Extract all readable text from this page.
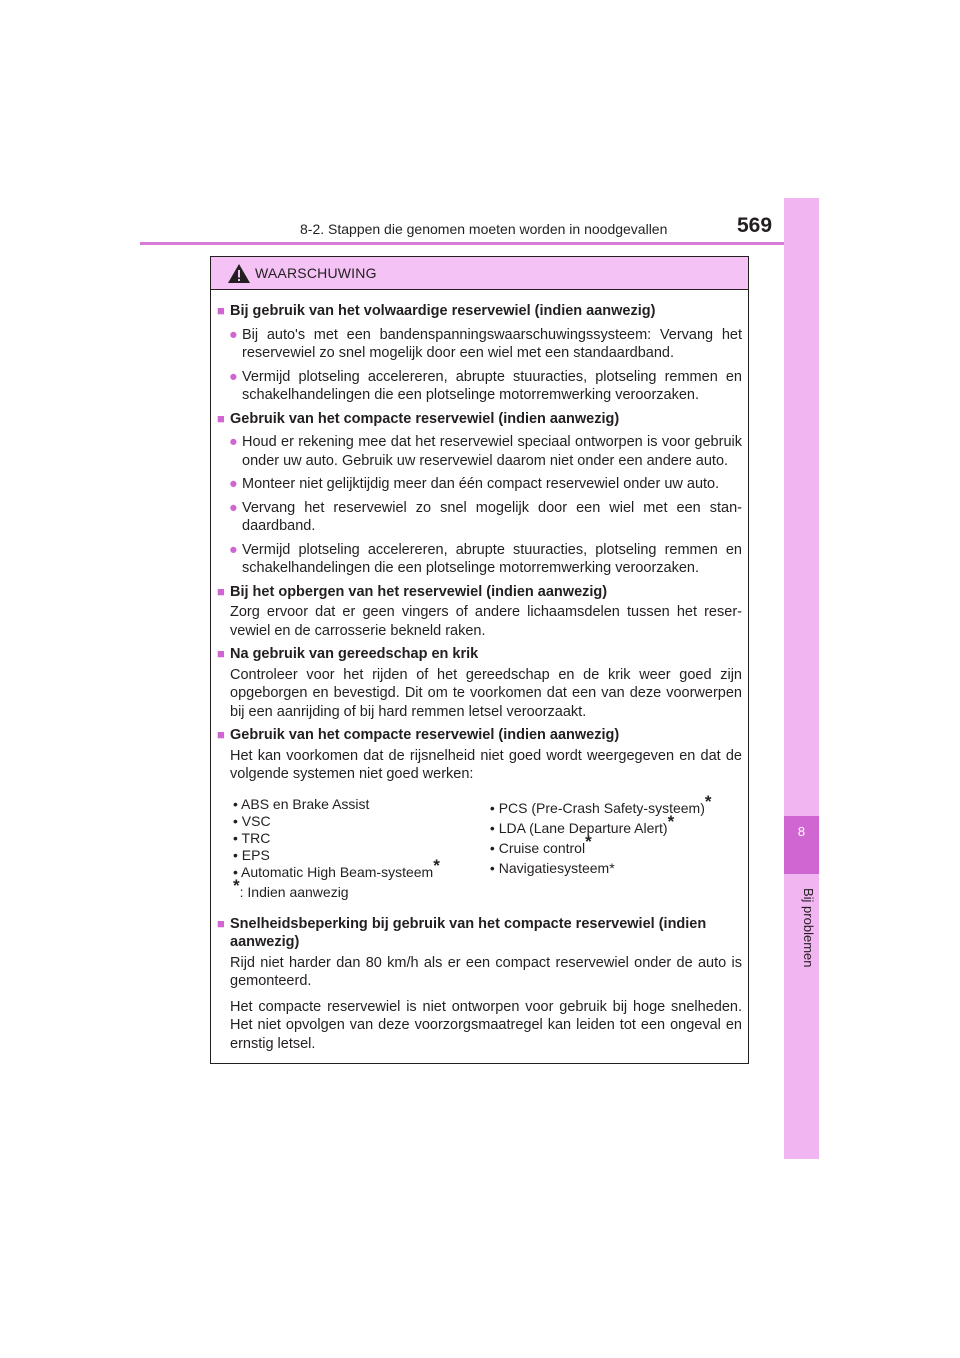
8-2. Stappen die genomen moeten worden in noodgevallen	569
8
Bij problemen
WAARSCHUWING
■ Bij gebruik van het volwaardige reservewiel (indien aanwezig)
● Bij auto's met een bandenspanningswaarschuwingssysteem: Vervang het reservewiel zo snel mogelijk door een wiel met een standaardband.
● Vermijd plotseling accelereren, abrupte stuuracties, plotseling remmen en schakelhandelingen die een plotselinge motorremwerking veroorzaken.
■ Gebruik van het compacte reservewiel (indien aanwezig)
● Houd er rekening mee dat het reservewiel speciaal ontworpen is voor gebruik onder uw auto. Gebruik uw reservewiel daarom niet onder een andere auto.
● Monteer niet gelijktijdig meer dan één compact reservewiel onder uw auto.
● Vervang het reservewiel zo snel mogelijk door een wiel met een standaardband.
● Vermijd plotseling accelereren, abrupte stuuracties, plotseling remmen en schakelhandelingen die een plotselinge motorremwerking veroorzaken.
■ Bij het opbergen van het reservewiel (indien aanwezig)
Zorg ervoor dat er geen vingers of andere lichaamsdelen tussen het reservewiel en de carrosserie bekneld raken.
■ Na gebruik van gereedschap en krik
Controleer voor het rijden of het gereedschap en de krik weer goed zijn opgeborgen en bevestigd. Dit om te voorkomen dat een van deze voorwerpen bij een aanrijding of bij hard remmen letsel veroorzaakt.
■ Gebruik van het compacte reservewiel (indien aanwezig)
Het kan voorkomen dat de rijsnelheid niet goed wordt weergegeven en dat de volgende systemen niet goed werken:
• ABS en Brake Assist
• VSC
• TRC
• EPS
• Automatic High Beam-systeem*
*: Indien aanwezig
• PCS (Pre-Crash Safety-systeem)*
• LDA (Lane Departure Alert)*
• Cruise control*
• Navigatiesysteem*
■ Snelheidsbeperking bij gebruik van het compacte reservewiel (indien aanwezig)
Rijd niet harder dan 80 km/h als er een compact reservewiel onder de auto is gemonteerd.
Het compacte reservewiel is niet ontworpen voor gebruik bij hoge snelheden. Het niet opvolgen van deze voorzorgsmaatregel kan leiden tot een ongeval en ernstig letsel.
